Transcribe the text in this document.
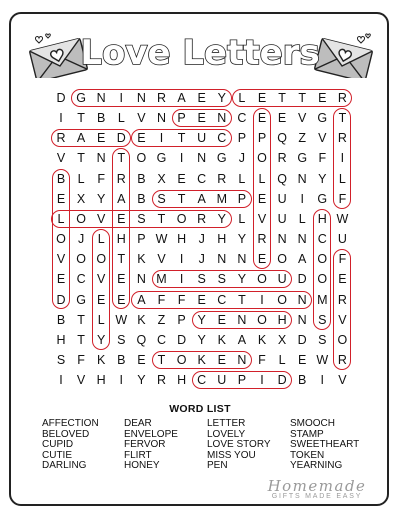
Love Letters
D G N	I	N R A E Y L E T T E R
I	T B L V N P E N C E E V G T
R A E D E	I	T U C P P Q Z V R
V T N T O G	I	N G J O R G F	I
B L	F R B X E C R L	L Q N Y L
E X Y A B S T A M P E U	I	G F
L O V E S T O R Y L V U L H W
O J	L H P W H J H Y R N N C U
V O O T K V	I	J N N E O A O F
E C V E N M	I	S S Y O U D O E
D G E E A F F E C T	I	O N M R
B T	L W K Z P Y E N O H N S V
H T Y S Q C D Y K A K X D S O
S F K B E T O K E N F	L E W R
I	V H	I	Y R H C U P	I	D B	I	V
WORD LIST
AFFECTION
BELOVED
CUPID
CUTIE
DARLING
DEAR
ENVELOPE
FERVOR
FLIRT
HONEY
LETTER
LOVELY
LOVE STORY
MISS YOU
PEN
SMOOCH
STAMP
SWEETHEART
TOKEN
YEARNING
Homemade
GIFTS MADE EASY
